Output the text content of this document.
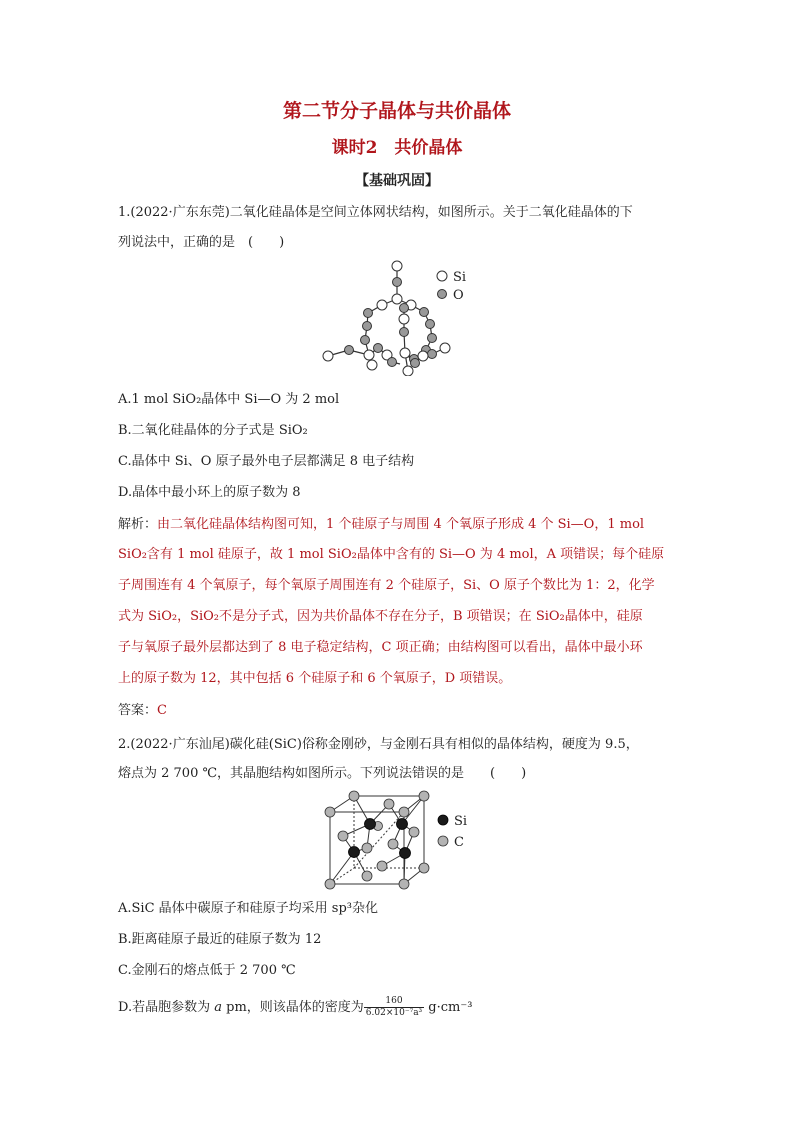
第二节分子晶体与共价晶体
课时2　共价晶体
【基础巩固】
1.(2022·广东东莞)二氧化硅晶体是空间立体网状结构，如图所示。关于二氧化硅晶体的下
列说法中，正确的是　(　　)
Si
O
A.1 mol SiO₂晶体中 Si—O 为 2 mol
B.二氧化硅晶体的分子式是 SiO₂
C.晶体中 Si、O 原子最外电子层都满足 8 电子结构
D.晶体中最小环上的原子数为 8
解析：由二氧化硅晶体结构图可知，1 个硅原子与周围 4 个氧原子形成 4 个 Si—O，1 mol
SiO₂含有 1 mol 硅原子，故 1 mol SiO₂晶体中含有的 Si—O 为 4 mol，A 项错误；每个硅原
子周围连有 4 个氧原子，每个氧原子周围连有 2 个硅原子，Si、O 原子个数比为 1：2，化学
式为 SiO₂，SiO₂不是分子式，因为共价晶体不存在分子，B 项错误；在 SiO₂晶体中，硅原
子与氧原子最外层都达到了 8 电子稳定结构，C 项正确；由结构图可以看出，晶体中最小环
上的原子数为 12，其中包括 6 个硅原子和 6 个氧原子，D 项错误。
答案：C
2.(2022·广东汕尾)碳化硅(SiC)俗称金刚砂，与金刚石具有相似的晶体结构，硬度为 9.5，
熔点为 2 700 ℃，其晶胞结构如图所示。下列说法错误的是　　(　　)
Si
C
A.SiC 晶体中碳原子和硅原子均采用 sp³杂化
B.距离硅原子最近的硅原子数为 12
C.金刚石的熔点低于 2 700 ℃
D.若晶胞参数为 a pm，则该晶体的密度为 $\frac{160}{\text{6.02×10⁻⁷a³}} g\cdot cm^{-3}$
